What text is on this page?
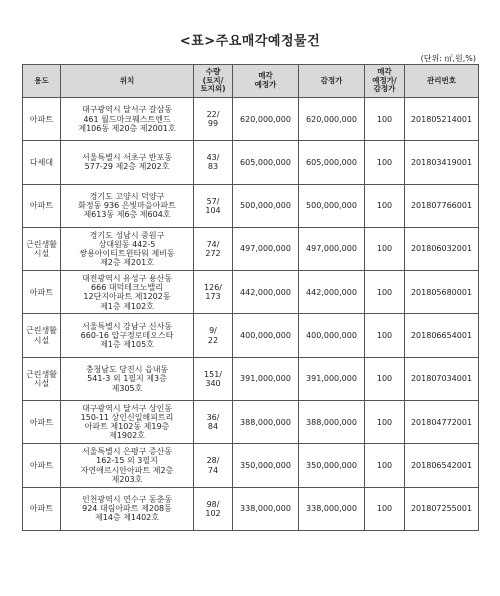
<표>주요매각예정물건
(단위: ㎡,원,%)
용도	위치	수량
(토지/
토지외)	매각
예정가	감정가	매각
예정가/
감정가	관리번호
아파트	대구광역시 달서구 갈삼동
461 월드마크웨스트엔드
제106동 제20층 제2001호	22/
99	620,000,000	620,000,000	100	201805214001
다세대	서울특별시 서초구 반포동
577-29 제2층 제202호	43/
83	605,000,000	605,000,000	100	201803419001
아파트	경기도 고양시 덕양구
화정동 936 은빛마을아파트
제613동 제6층 제604호	57/
104	500,000,000	500,000,000	100	201807766001
근린생활
시설	경기도 성남시 중원구
상대원동 442-5
쌍용아이티트윈타워 제비동
제2층 제201호	74/
272	497,000,000	497,000,000	100	201806032001
아파트	대전광역시 유성구 용산동
666 대덕테크노밸리
12단지아파트 제1202동
제1층 제102호	126/
173	442,000,000	442,000,000	100	201805680001
근린생활
시설	서울특별시 강남구 신사동
660-16 압구정로데오스타
제1층 제105호	9/
22	400,000,000	400,000,000	100	201806654001
근린생활
시설	충청남도 당진시 읍내동
541-3 외 1필지 제3층
제305호	151/
340	391,000,000	391,000,000	100	201807034001
아파트	대구광역시 달서구 상인동
150-11 상인신일해피트리
아파트 제102동 제19층
제1902호	36/
84	388,000,000	388,000,000	100	201804772001
아파트	서울특별시 은평구 증산동
162-15 외 3필지
자연애르시안아파트 제2층
제203호	28/
74	350,000,000	350,000,000	100	201806542001
아파트	인천광역시 연수구 동춘동
924 대림아파트 제208동
제14층 제1402호	98/
102	338,000,000	338,000,000	100	201807255001
